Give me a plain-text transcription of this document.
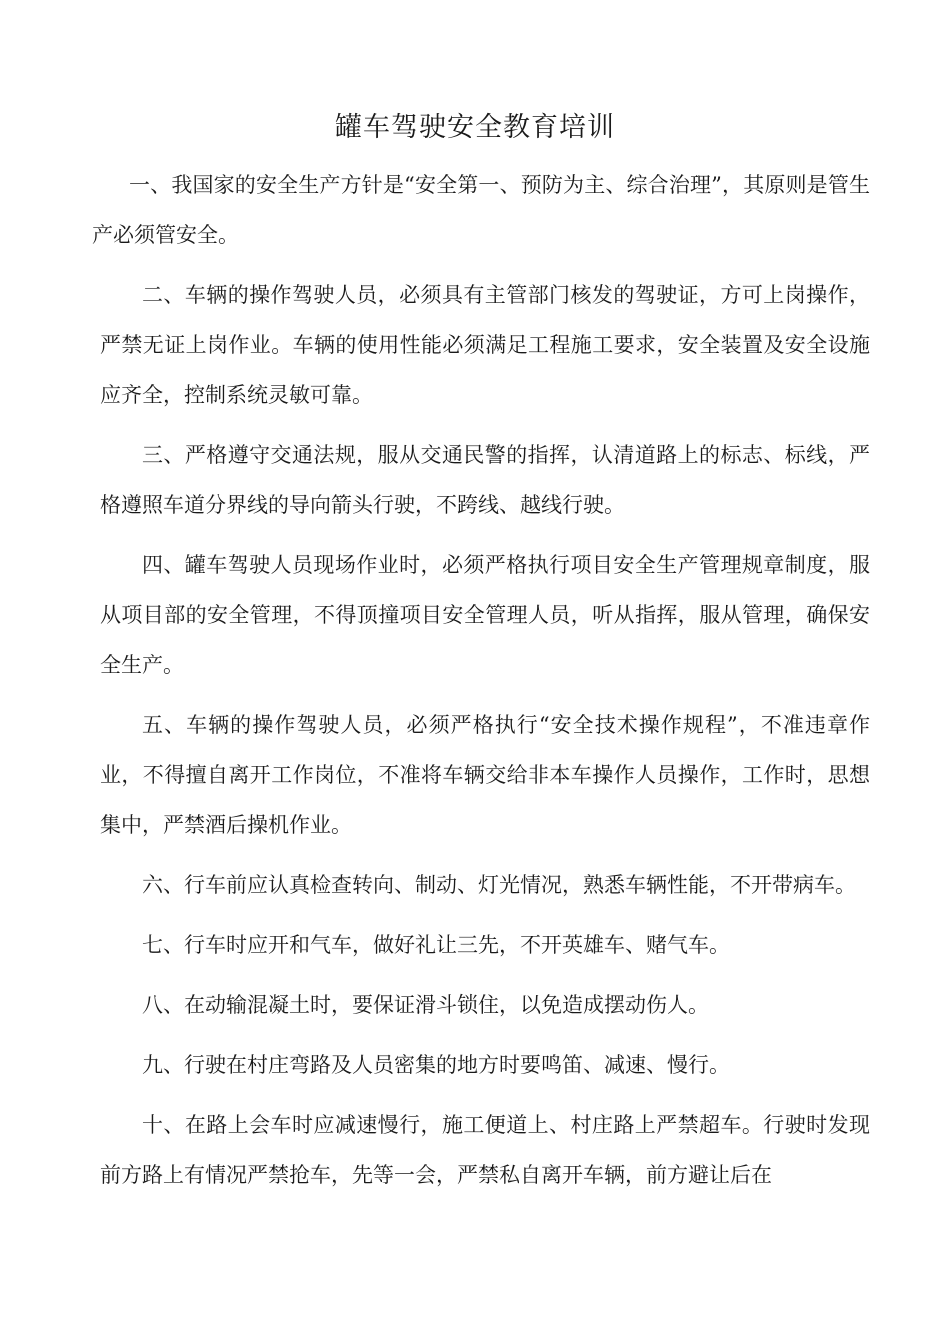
罐车驾驶安全教育培训

一、我国家的安全生产方针是“安全第一、预防为主、综合治理”，其原则是管生产必须管安全。

二、车辆的操作驾驶人员，必须具有主管部门核发的驾驶证，方可上岗操作，严禁无证上岗作业。车辆的使用性能必须满足工程施工要求，安全装置及安全设施应齐全，控制系统灵敏可靠。

三、严格遵守交通法规，服从交通民警的指挥，认清道路上的标志、标线，严格遵照车道分界线的导向箭头行驶，不跨线、越线行驶。

四、罐车驾驶人员现场作业时，必须严格执行项目安全生产管理规章制度，服从项目部的安全管理，不得顶撞项目安全管理人员，听从指挥，服从管理，确保安全生产。

五、车辆的操作驾驶人员，必须严格执行“安全技术操作规程”，不准违章作业，不得擅自离开工作岗位，不准将车辆交给非本车操作人员操作，工作时，思想集中，严禁酒后操机作业。

六、行车前应认真检查转向、制动、灯光情况，熟悉车辆性能，不开带病车。

七、行车时应开和气车，做好礼让三先，不开英雄车、赌气车。

八、在动输混凝土时，要保证滑斗锁住，以免造成摆动伤人。

九、行驶在村庄弯路及人员密集的地方时要鸣笛、减速、慢行。

十、在路上会车时应减速慢行，施工便道上、村庄路上严禁超车。行驶时发现前方路上有情况严禁抢车，先等一会，严禁私自离开车辆，前方避让后在
